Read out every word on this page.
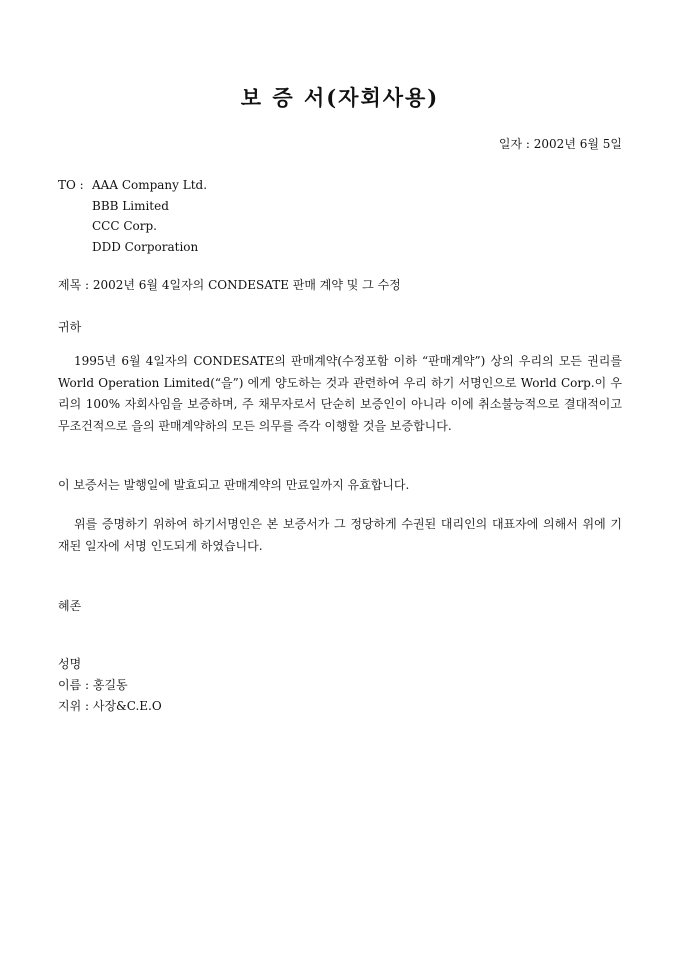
보 증 서(자회사용)
일자 : 2002년 6월 5일
TO : AAA Company Ltd.
BBB Limited
CCC Corp.
DDD Corporation
제목 : 2002년 6월 4일자의 CONDESATE 판매 계약 및 그 수정
귀하
1995년 6월 4일자의 CONDESATE의 판매계약(수정포함 이하 “판매계약”) 상의 우리의 모든 권리를 World Operation Limited(“을”) 에게 양도하는 것과 관련하여 우리 하기 서명인으로 World Corp.이 우리의 100% 자회사임을 보증하며, 주 채무자로서 단순히 보증인이 아니라 이에 취소불능적으로 결대적이고 무조건적으로 을의 판매계약하의 모든 의무를 즉각 이행할 것을 보증합니다.
이 보증서는 발행일에 발효되고 판매계약의 만료일까지 유효합니다.
위를 증명하기 위하여 하기서명인은 본 보증서가 그 정당하게 수권된 대리인의 대표자에 의해서 위에 기재된 일자에 서명 인도되게 하였습니다.
혜존
성명
이름 : 홍길동
지위 : 사장&C.E.O
